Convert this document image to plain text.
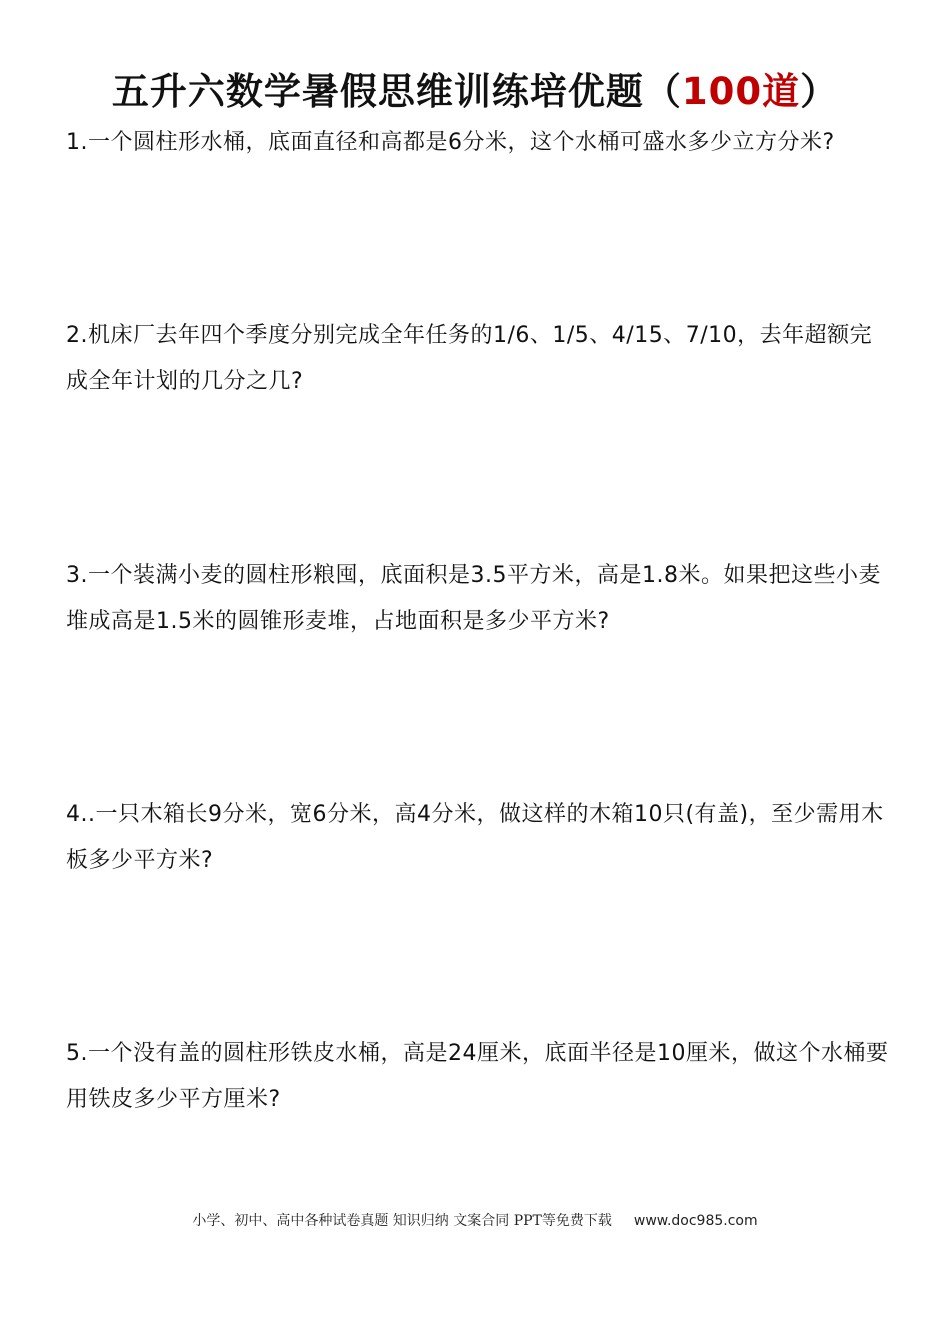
五升六数学暑假思维训练培优题（100道）
1.一个圆柱形水桶，底面直径和高都是6分米，这个水桶可盛水多少立方分米?
2.机床厂去年四个季度分别完成全年任务的1/6、1/5、4/15、7/10，去年超额完成全年计划的几分之几?
3.一个装满小麦的圆柱形粮囤，底面积是3.5平方米，高是1.8米。如果把这些小麦堆成高是1.5米的圆锥形麦堆，占地面积是多少平方米?
4..一只木箱长9分米，宽6分米，高4分米，做这样的木箱10只(有盖)，至少需用木板多少平方米?
5.一个没有盖的圆柱形铁皮水桶，高是24厘米，底面半径是10厘米，做这个水桶要用铁皮多少平方厘米?
小学、初中、高中各种试卷真题 知识归纳 文案合同 PPT等免费下载 www.doc985.com
